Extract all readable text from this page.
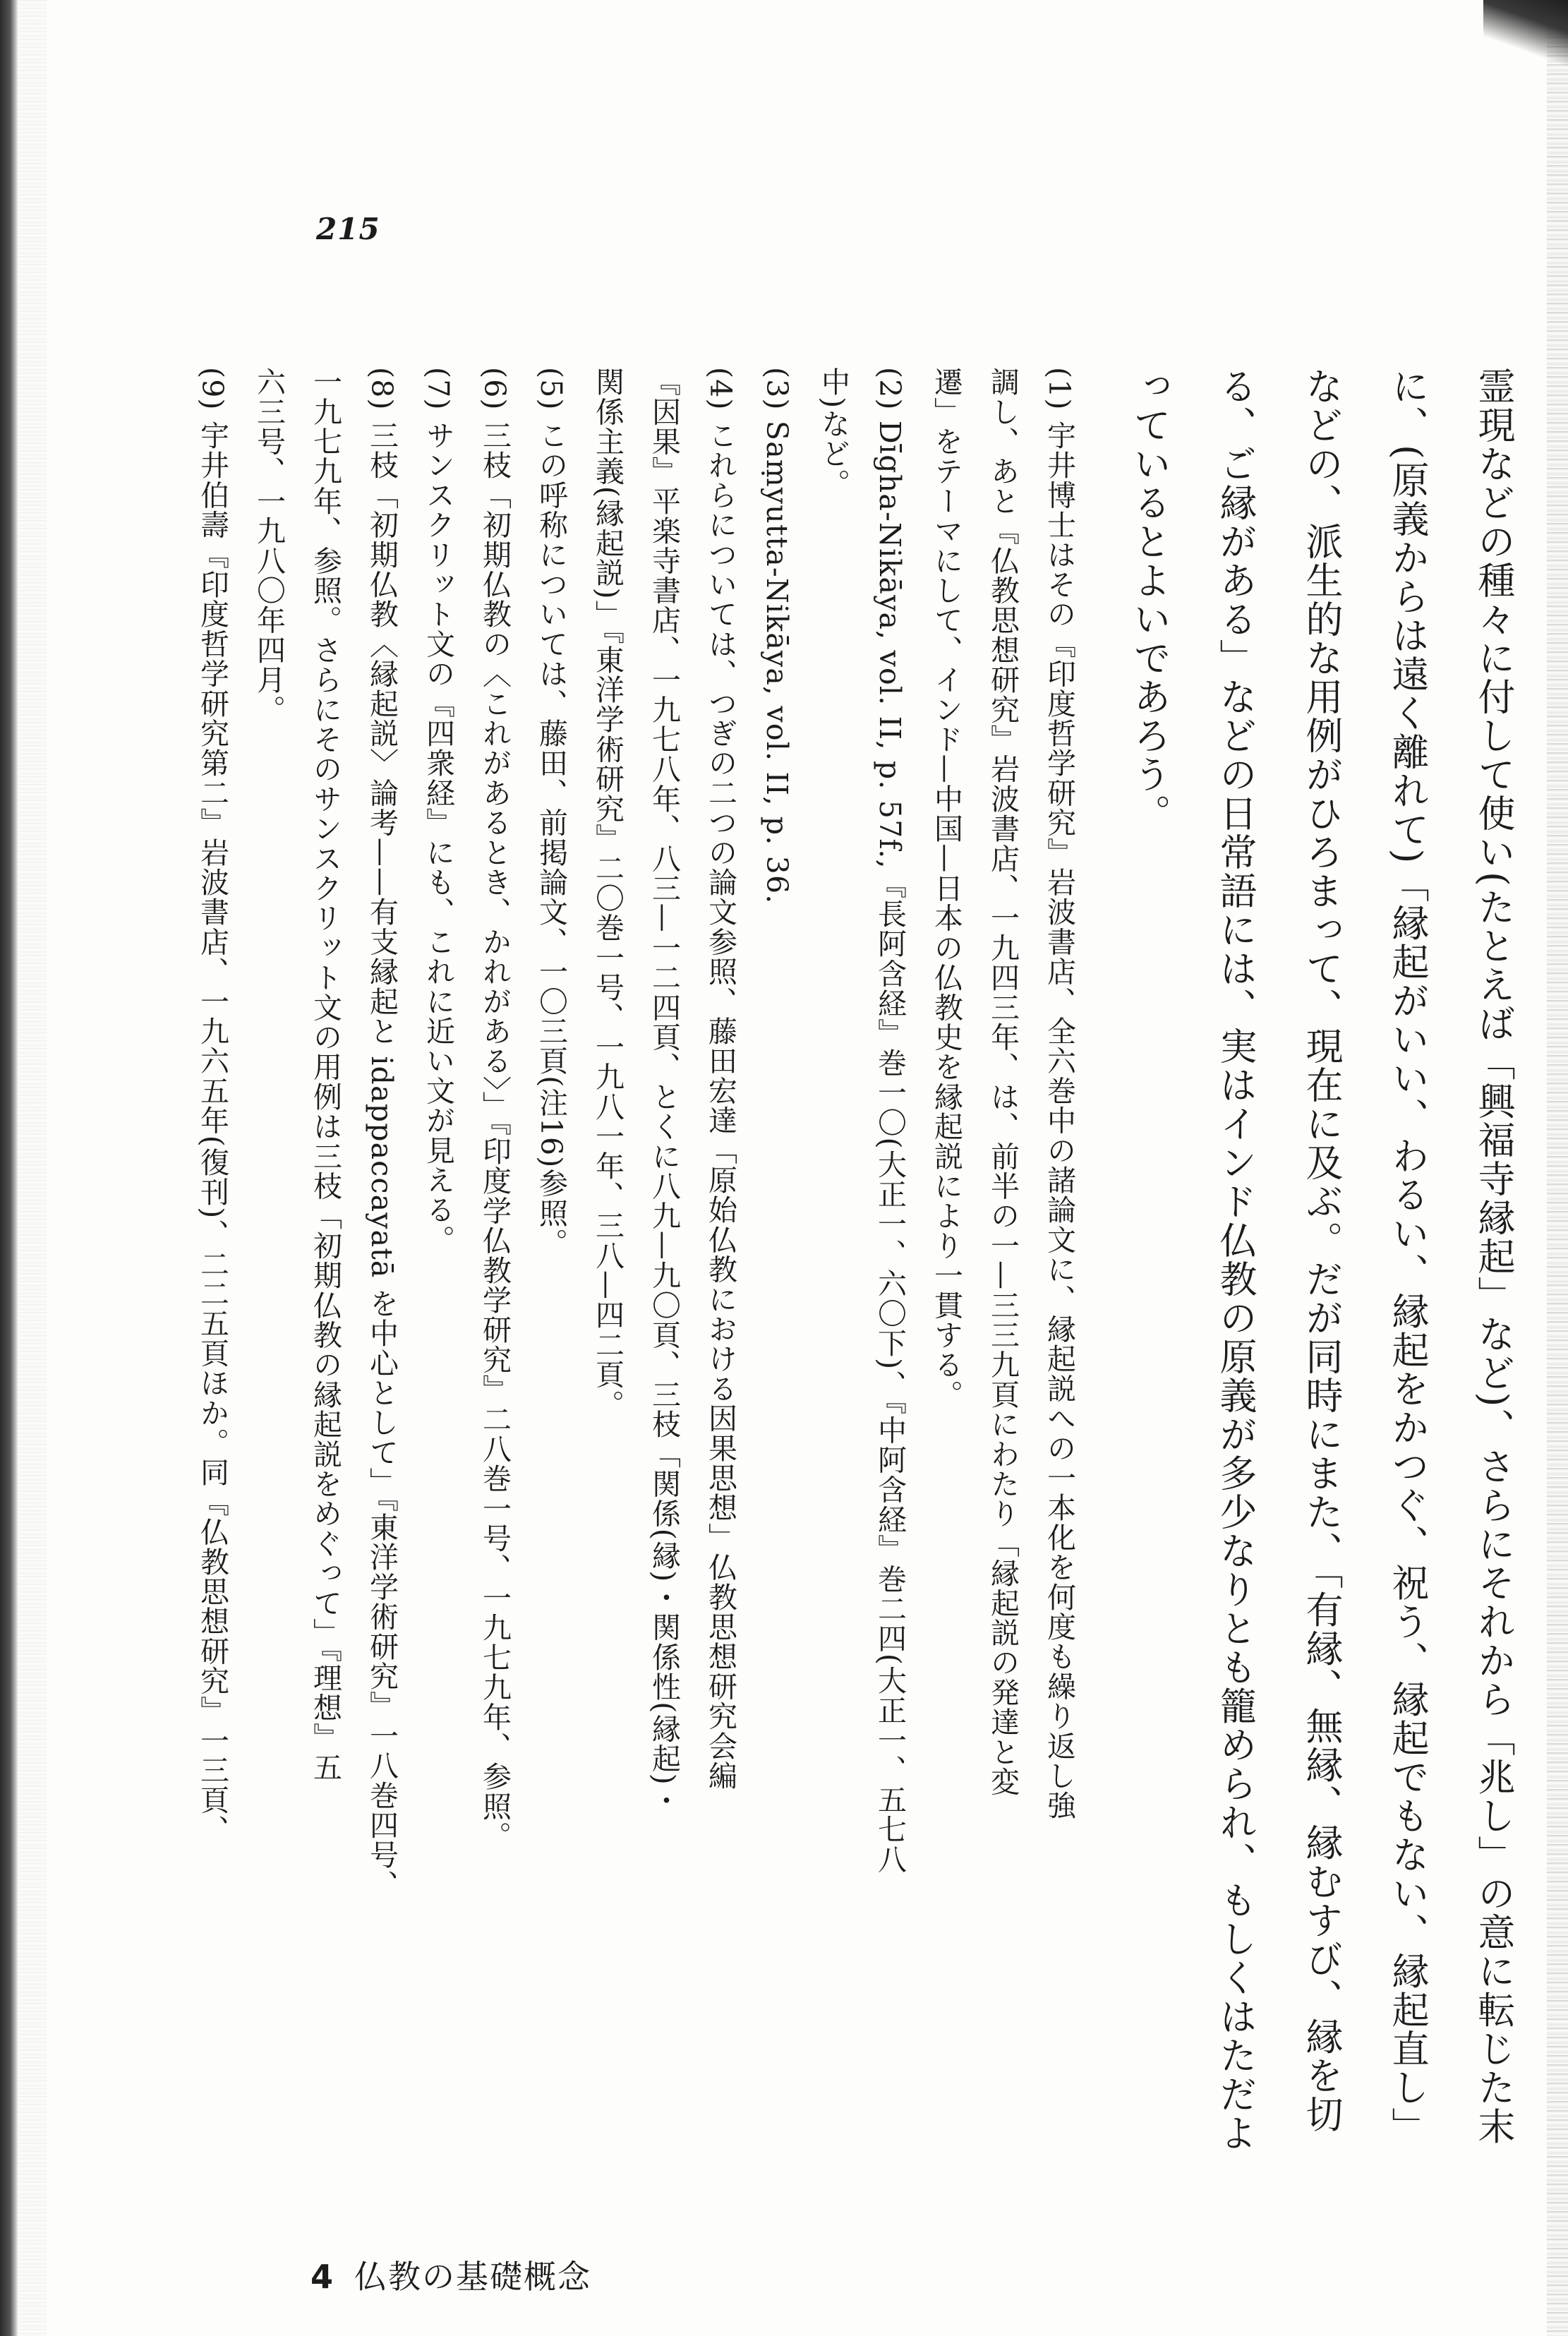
215
霊現などの種々に付して使い(たとえば「興福寺縁起」など)、さらにそれから「兆し」の意に転じた末
に、(原義からは遠く離れて)「縁起がいい、わるい、縁起をかつぐ、祝う、縁起でもない、縁起直し」
などの、派生的な用例がひろまって、現在に及ぶ。だが同時にまた、「有縁、無縁、縁むすび、縁を切
る、ご縁がある」などの日常語には、実はインド仏教の原義が多少なりとも籠められ、もしくはただよ
っているとよいであろう。
(1) 宇井博士はその『印度哲学研究』岩波書店、全六巻中の諸論文に、縁起説への一本化を何度も繰り返し強
調し、あと『仏教思想研究』岩波書店、一九四三年、は、前半の一—三三九頁にわたり「縁起説の発達と変
遷」をテーマにして、インド—中国—日本の仏教史を縁起説により一貫する。
(2) Dīgha-Nikāya, vol. II, p. 57f.,『長阿含経』巻一〇(大正一、六〇下)、『中阿含経』巻二四(大正一、五七八
中)など。
(3) Saṃyutta-Nikāya, vol. II, p. 36.
(4) これらについては、つぎの二つの論文参照、藤田宏達「原始仏教における因果思想」仏教思想研究会編
『因果』平楽寺書店、一九七八年、八三—一二四頁、とくに八九—九〇頁、三枝「関係(縁)・関係性(縁起)・
関係主義(縁起説)」『東洋学術研究』二〇巻一号、一九八一年、三八—四二頁。
(5) この呼称については、藤田、前掲論文、一〇三頁(注16)参照。
(6) 三枝「初期仏教の〈これがあるとき、かれがある〉」『印度学仏教学研究』二八巻一号、一九七九年、参照。
(7) サンスクリット文の『四衆経』にも、これに近い文が見える。
(8) 三枝「初期仏教〈縁起説〉論考——有支縁起と idappaccayatā を中心として」『東洋学術研究』一八巻四号、
一九七九年、参照。さらにそのサンスクリット文の用例は三枝「初期仏教の縁起説をめぐって」『理想』五
六三号、一九八〇年四月。
(9) 宇井伯壽『印度哲学研究第二』岩波書店、一九六五年(復刊)、二二五頁ほか。同『仏教思想研究』一三頁、
4 仏教の基礎概念
